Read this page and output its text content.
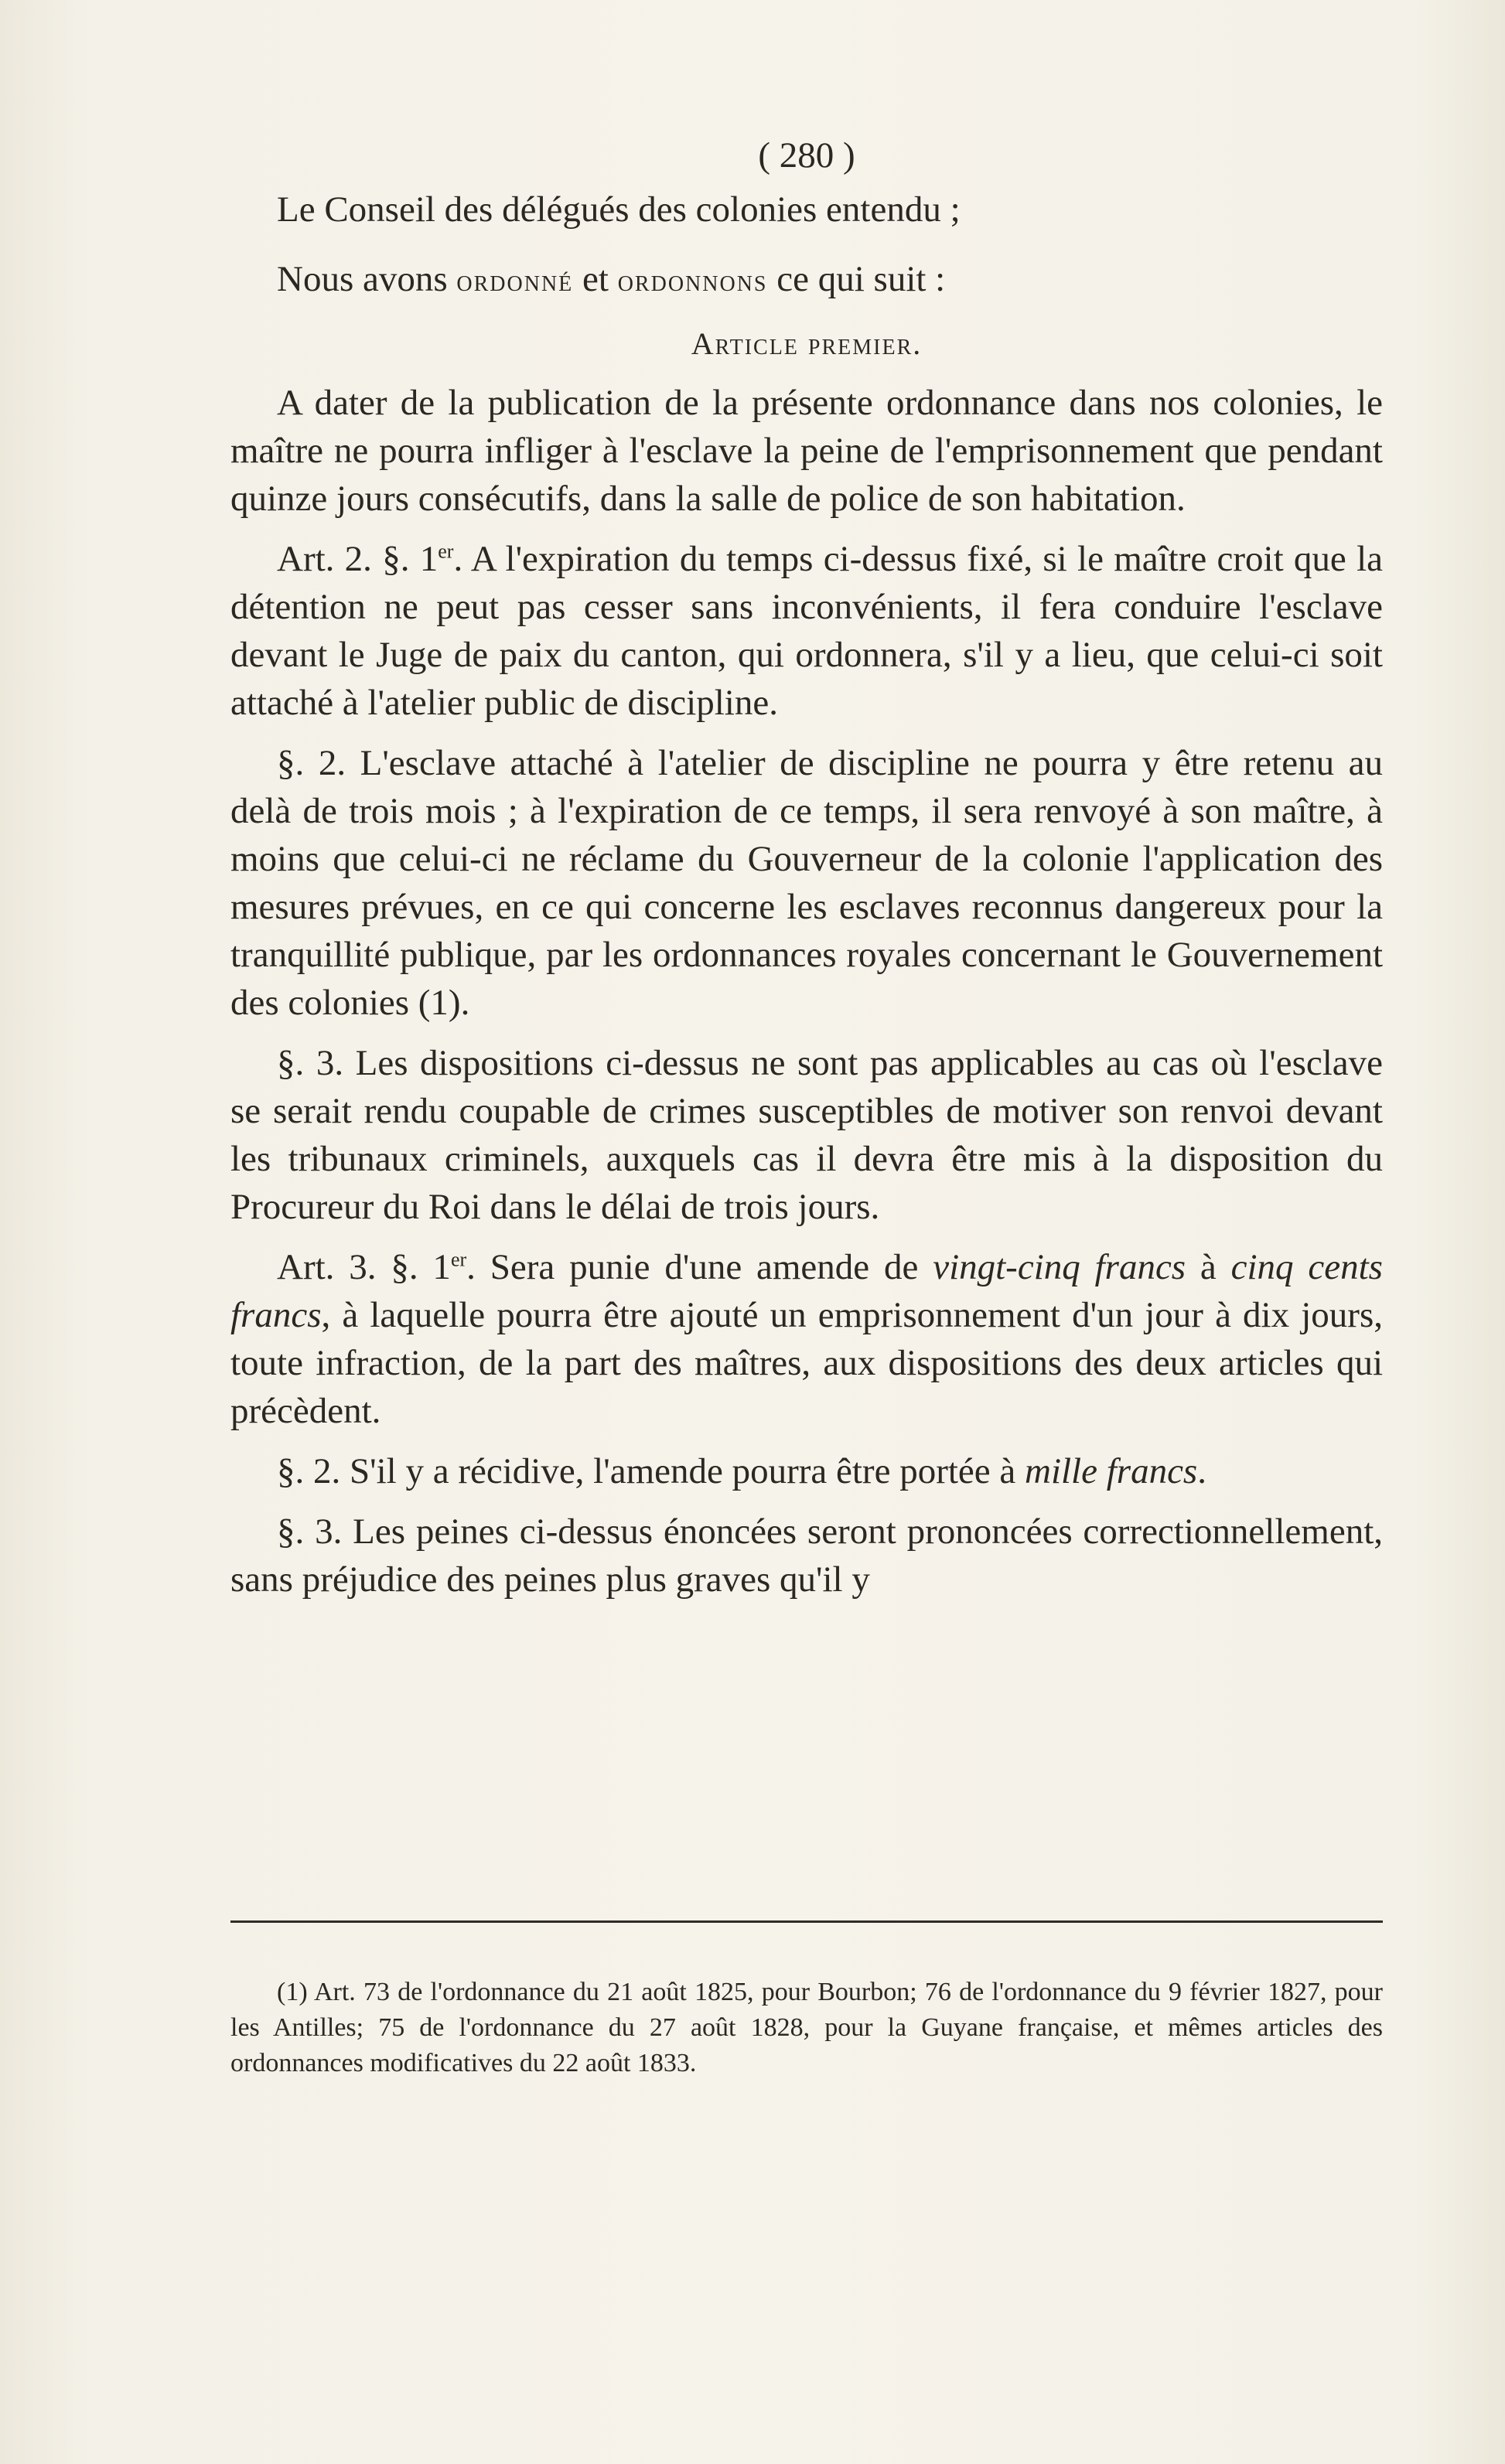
( 280 )

Le Conseil des délégués des colonies entendu ;

Nous avons ordonné et ordonnons ce qui suit :

Article premier.

A dater de la publication de la présente ordonnance dans nos colonies, le maître ne pourra infliger à l'esclave la peine de l'emprisonnement que pendant quinze jours consécutifs, dans la salle de police de son habitation.

Art. 2. §. 1er. A l'expiration du temps ci-dessus fixé, si le maître croit que la détention ne peut pas cesser sans inconvénients, il fera conduire l'esclave devant le Juge de paix du canton, qui ordonnera, s'il y a lieu, que celui-ci soit attaché à l'atelier public de discipline.

§. 2. L'esclave attaché à l'atelier de discipline ne pourra y être retenu au delà de trois mois ; à l'expiration de ce temps, il sera renvoyé à son maître, à moins que celui-ci ne réclame du Gouverneur de la colonie l'application des mesures prévues, en ce qui concerne les esclaves reconnus dangereux pour la tranquillité publique, par les ordonnances royales concernant le Gouvernement des colonies (1).

§. 3. Les dispositions ci-dessus ne sont pas applicables au cas où l'esclave se serait rendu coupable de crimes susceptibles de motiver son renvoi devant les tribunaux criminels, auxquels cas il devra être mis à la disposition du Procureur du Roi dans le délai de trois jours.

Art. 3. §. 1er. Sera punie d'une amende de vingt-cinq francs à cinq cents francs, à laquelle pourra être ajouté un emprisonnement d'un jour à dix jours, toute infraction, de la part des maîtres, aux dispositions des deux articles qui précèdent.

§. 2. S'il y a récidive, l'amende pourra être portée à mille francs.

§. 3. Les peines ci-dessus énoncées seront prononcées correctionnellement, sans préjudice des peines plus graves qu'il y

(1) Art. 73 de l'ordonnance du 21 août 1825, pour Bourbon; 76 de l'ordonnance du 9 février 1827, pour les Antilles; 75 de l'ordonnance du 27 août 1828, pour la Guyane française, et mêmes articles des ordonnances modificatives du 22 août 1833.
